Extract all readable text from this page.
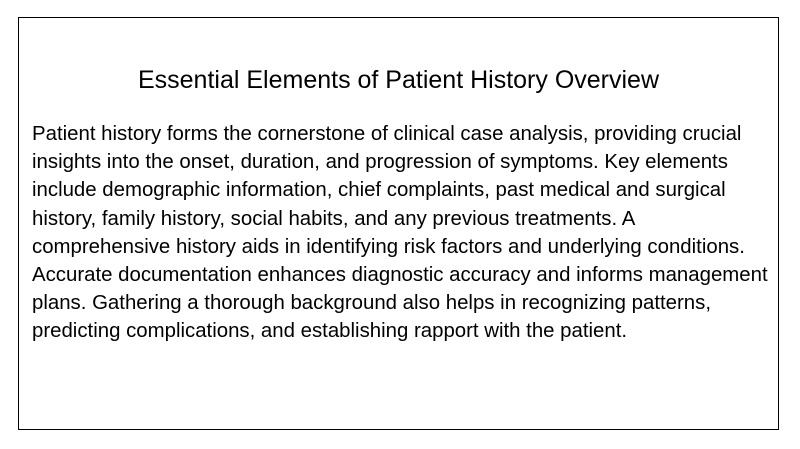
Essential Elements of Patient History Overview

Patient history forms the cornerstone of clinical case analysis, providing crucial insights into the onset, duration, and progression of symptoms. Key elements include demographic information, chief complaints, past medical and surgical history, family history, social habits, and any previous treatments. A comprehensive history aids in identifying risk factors and underlying conditions. Accurate documentation enhances diagnostic accuracy and informs management plans. Gathering a thorough background also helps in recognizing patterns, predicting complications, and establishing rapport with the patient.
